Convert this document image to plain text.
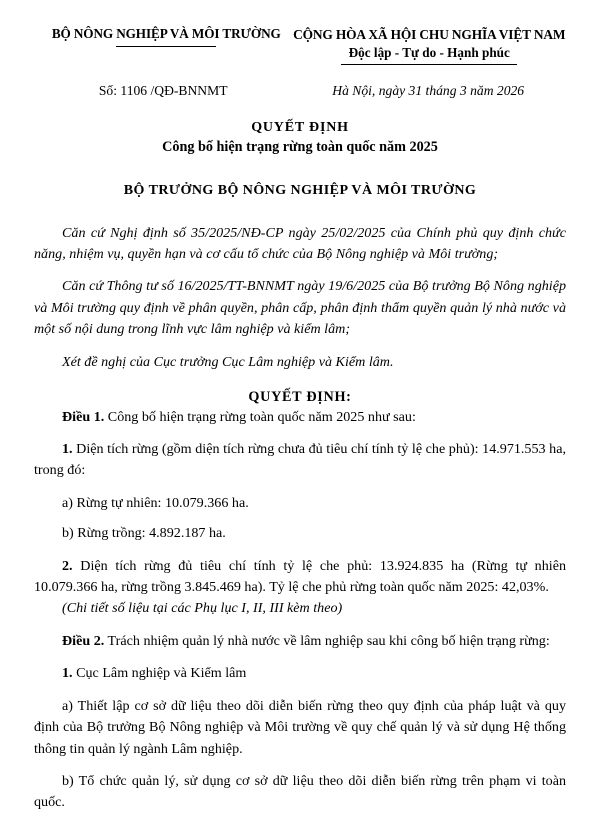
BỘ NÔNG NGHIỆP VÀ MÔI TRƯỜNG CỘNG HÒA XÃ HỘI CHU NGHĨA VIỆT NAM
Độc lập - Tự do - Hạnh phúc
Số: 1106 /QĐ-BNNMT	Hà Nội, ngày 31 tháng 3 năm 2026
QUYẾT ĐỊNH
Công bố hiện trạng rừng toàn quốc năm 2025
BỘ TRƯỞNG BỘ NÔNG NGHIỆP VÀ MÔI TRƯỜNG

Căn cứ Nghị định số 35/2025/NĐ-CP ngày 25/02/2025 của Chính phủ quy định chức năng, nhiệm vụ, quyền hạn và cơ cấu tổ chức của Bộ Nông nghiệp và Môi trường;

Căn cứ Thông tư số 16/2025/TT-BNNMT ngày 19/6/2025 của Bộ trưởng Bộ Nông nghiệp và Môi trường quy định về phân quyền, phân cấp, phân định thẩm quyền quản lý nhà nước và một số nội dung trong lĩnh vực lâm nghiệp và kiểm lâm;

Xét đề nghị của Cục trưởng Cục Lâm nghiệp và Kiểm lâm.

QUYẾT ĐỊNH:

Điều 1. Công bố hiện trạng rừng toàn quốc năm 2025 như sau:

1. Diện tích rừng (gồm diện tích rừng chưa đủ tiêu chí tính tỷ lệ che phủ): 14.971.553 ha, trong đó:

a) Rừng tự nhiên: 10.079.366 ha.

b) Rừng trồng: 4.892.187 ha.

2. Diện tích rừng đủ tiêu chí tính tỷ lệ che phủ: 13.924.835 ha (Rừng tự nhiên 10.079.366 ha, rừng trồng 3.845.469 ha). Tỷ lệ che phủ rừng toàn quốc năm 2025: 42,03%.

(Chi tiết số liệu tại các Phụ lục I, II, III kèm theo)

Điều 2. Trách nhiệm quản lý nhà nước về lâm nghiệp sau khi công bố hiện trạng rừng:

1. Cục Lâm nghiệp và Kiểm lâm

a) Thiết lập cơ sở dữ liệu theo dõi diễn biến rừng theo quy định của pháp luật và quy định của Bộ trưởng Bộ Nông nghiệp và Môi trường về quy chế quản lý và sử dụng Hệ thống thông tin quản lý ngành Lâm nghiệp.

b) Tổ chức quản lý, sử dụng cơ sở dữ liệu theo dõi diễn biến rừng trên phạm vi toàn quốc.
